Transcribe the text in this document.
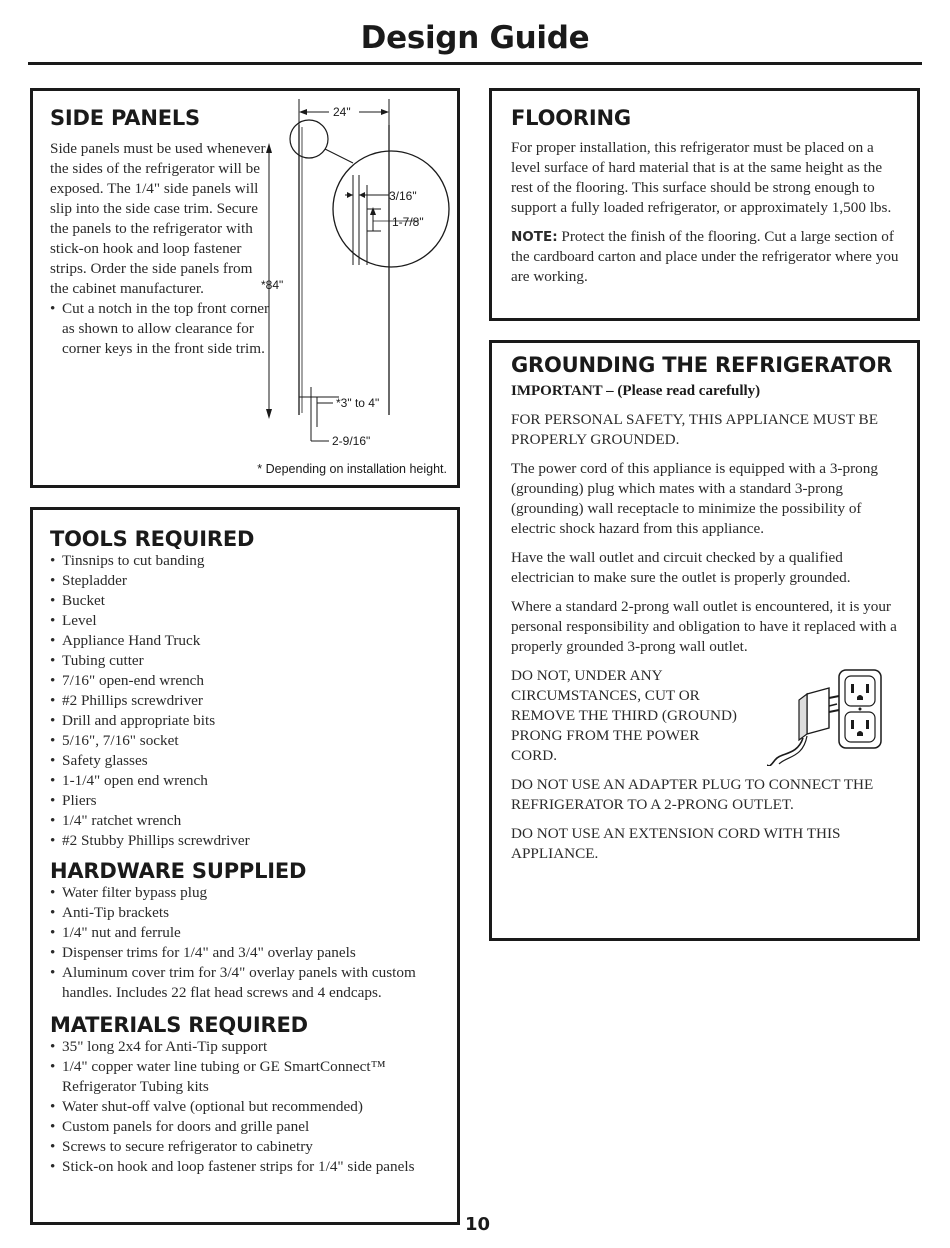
Design Guide
SIDE PANELS

Side panels must be used whenever the sides of the refrigerator will be exposed. The 1/4" side panels will slip into the side case trim. Secure the panels to the refrigerator with stick-on hook and loop fastener strips. Order the side panels from the cabinet manufacturer.

• Cut a notch in the top front corner as shown to allow clearance for corner keys in the front side trim.
24"
*84"
3/16"
1-7/8"
*3" to 4"
2-9/16"
* Depending on installation height.
TOOLS REQUIRED
• Tinsnips to cut banding
• Stepladder
• Bucket
• Level
• Appliance Hand Truck
• Tubing cutter
• 7/16" open-end wrench
• #2 Phillips screwdriver
• Drill and appropriate bits
• 5/16", 7/16" socket
• Safety glasses
• 1-1/4" open end wrench
• Pliers
• 1/4" ratchet wrench
• #2 Stubby Phillips screwdriver
HARDWARE SUPPLIED
• Water filter bypass plug
• Anti-Tip brackets
• 1/4" nut and ferrule
• Dispenser trims for 1/4" and 3/4" overlay panels
• Aluminum cover trim for 3/4" overlay panels with custom handles. Includes 22 flat head screws and 4 endcaps.
MATERIALS REQUIRED
• 35" long 2x4 for Anti-Tip support
• 1/4" copper water line tubing or GE SmartConnect™ Refrigerator Tubing kits
• Water shut-off valve (optional but recommended)
• Custom panels for doors and grille panel
• Screws to secure refrigerator to cabinetry
• Stick-on hook and loop fastener strips for 1/4" side panels
FLOORING

For proper installation, this refrigerator must be placed on a level surface of hard material that is at the same height as the rest of the flooring. This surface should be strong enough to support a fully loaded refrigerator, or approximately 1,500 lbs.

NOTE: Protect the finish of the flooring. Cut a large section of the cardboard carton and place under the refrigerator where you are working.

GROUNDING THE REFRIGERATOR
IMPORTANT – (Please read carefully)

FOR PERSONAL SAFETY, THIS APPLIANCE MUST BE PROPERLY GROUNDED.

The power cord of this appliance is equipped with a 3-prong (grounding) plug which mates with a standard 3-prong (grounding) wall receptacle to minimize the possibility of electric shock hazard from this appliance.

Have the wall outlet and circuit checked by a qualified electrician to make sure the outlet is properly grounded.

Where a standard 2-prong wall outlet is encountered, it is your personal responsibility and obligation to have it replaced with a properly grounded 3-prong wall outlet.

DO NOT, UNDER ANY CIRCUMSTANCES, CUT OR REMOVE THE THIRD (GROUND) PRONG FROM THE POWER CORD.

DO NOT USE AN ADAPTER PLUG TO CONNECT THE REFRIGERATOR TO A 2-PRONG OUTLET.

DO NOT USE AN EXTENSION CORD WITH THIS APPLIANCE.

10
